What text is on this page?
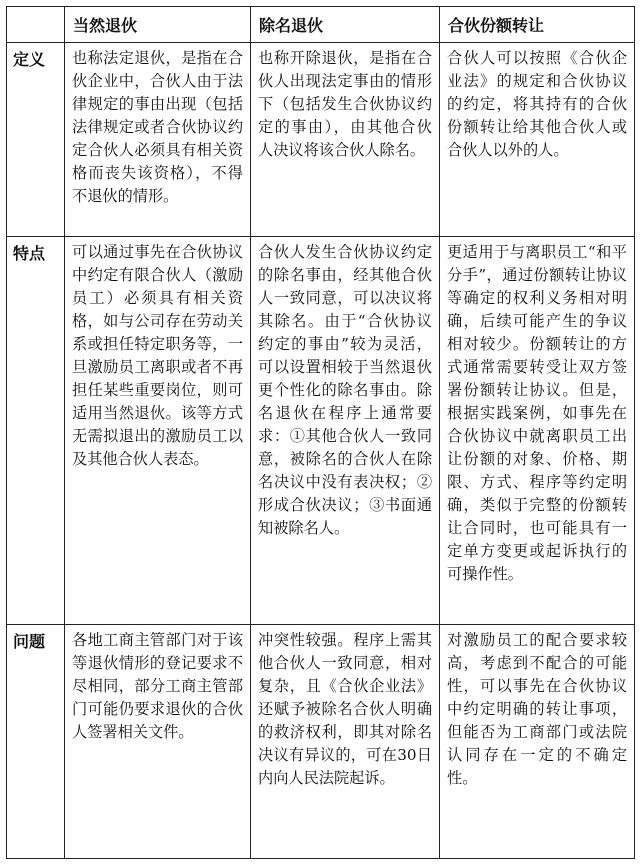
	当然退伙	除名退伙	合伙份额转让
定义	也称法定退伙，是指在合伙企业中，合伙人由于法律规定的事由出现（包括法律规定或者合伙协议约定合伙人必须具有相关资格而丧失该资格），不得不退伙的情形。	也称开除退伙，是指在合伙人出现法定事由的情形下（包括发生合伙协议约定的事由），由其他合伙人决议将该合伙人除名。	合伙人可以按照《合伙企业法》的规定和合伙协议的约定，将其持有的合伙份额转让给其他合伙人或合伙人以外的人。
特点	可以通过事先在合伙协议中约定有限合伙人（激励员工）必须具有相关资格，如与公司存在劳动关系或担任特定职务等，一旦激励员工离职或者不再担任某些重要岗位，则可适用当然退伙。该等方式无需拟退出的激励员工以及其他合伙人表态。	合伙人发生合伙协议约定的除名事由，经其他合伙人一致同意，可以决议将其除名。由于“合伙协议约定的事由”较为灵活，可以设置相较于当然退伙更个性化的除名事由。除名退伙在程序上通常要求：①其他合伙人一致同意，被除名的合伙人在除名决议中没有表决权；②形成合伙决议；③书面通知被除名人。	更适用于与离职员工“和平分手”，通过份额转让协议等确定的权利义务相对明确，后续可能产生的争议相对较少。份额转让的方式通常需要转受让双方签署份额转让协议。但是，根据实践案例，如事先在合伙协议中就离职员工出让份额的对象、价格、期限、方式、程序等约定明确，类似于完整的份额转让合同时，也可能具有一定单方变更或起诉执行的可操作性。
问题	各地工商主管部门对于该等退伙情形的登记要求不尽相同，部分工商主管部门可能仍要求退伙的合伙人签署相关文件。	冲突性较强。程序上需其他合伙人一致同意，相对复杂，且《合伙企业法》还赋予被除名合伙人明确的救济权利，即其对除名决议有异议的，可在30日内向人民法院起诉。	对激励员工的配合要求较高，考虑到不配合的可能性，可以事先在合伙协议中约定明确的转让事项，但能否为工商部门或法院认同存在一定的不确定性。
